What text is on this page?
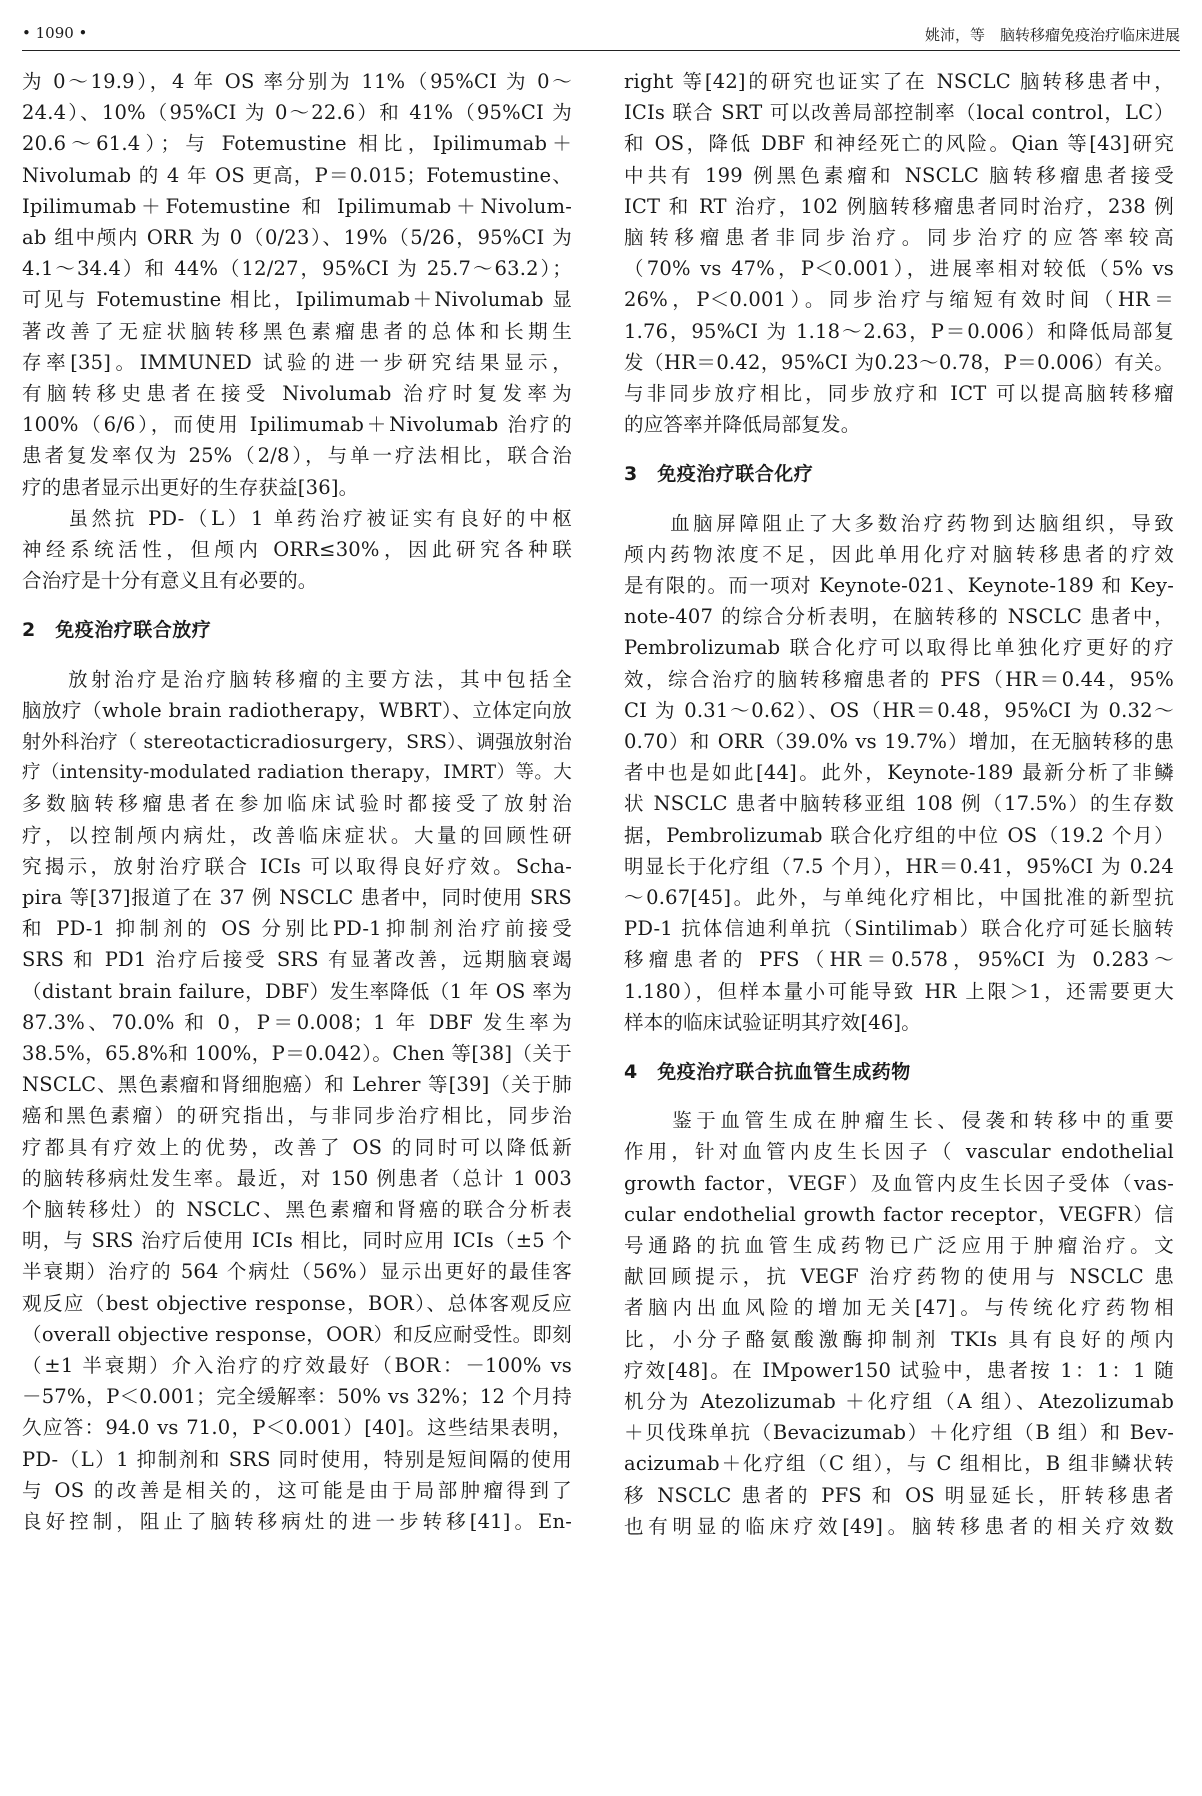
• 1090 •	姚沛，等　脑转移瘤免疫治疗临床进展
为 0～19.9），4 年 OS 率分别为 11%（95%CI 为 0～
24.4）、10%（95%CI 为 0～22.6）和 41%（95%CI 为
20.6～61.4）；与 Fotemustine 相比，Ipilimumab＋
Nivolumab 的 4 年 OS 更高，P＝0.015；Fotemustine、
Ipilimumab＋Fotemustine 和 Ipilimumab＋Nivolum-
ab 组中颅内 ORR 为 0（0/23）、19%（5/26，95%CI 为
4.1～34.4）和 44%（12/27，95%CI 为 25.7～63.2）；
可见与 Fotemustine 相比，Ipilimumab＋Nivolumab 显
著改善了无症状脑转移黑色素瘤患者的总体和长期生
存率[35]。IMMUNED 试验的进一步研究结果显示，
有脑转移史患者在接受 Nivolumab 治疗时复发率为
100%（6/6），而使用 Ipilimumab＋Nivolumab 治疗的
患者复发率仅为 25%（2/8），与单一疗法相比，联合治
疗的患者显示出更好的生存获益[36]。
　　虽然抗 PD-（L）1 单药治疗被证实有良好的中枢
神经系统活性，但颅内 ORR≤30%，因此研究各种联
合治疗是十分有意义且有必要的。
2　免疫治疗联合放疗
　　放射治疗是治疗脑转移瘤的主要方法，其中包括全
脑放疗（whole brain radiotherapy，WBRT）、立体定向放
射外科治疗（ stereotacticradiosurgery，SRS）、调强放射治
疗（intensity-modulated radiation therapy，IMRT）等。大
多数脑转移瘤患者在参加临床试验时都接受了放射治
疗，以控制颅内病灶，改善临床症状。大量的回顾性研
究揭示，放射治疗联合 ICIs 可以取得良好疗效。Scha-
pira 等[37]报道了在 37 例 NSCLC 患者中，同时使用 SRS
和 PD-1 抑制剂的 OS 分别比PD-1抑制剂治疗前接受
SRS 和 PD1 治疗后接受 SRS 有显著改善，远期脑衰竭
（distant brain failure，DBF）发生率降低（1 年 OS 率为
87.3%、70.0% 和 0，P＝0.008；1 年 DBF 发生率为
38.5%，65.8%和 100%，P＝0.042）。Chen 等[38]（关于
NSCLC、黑色素瘤和肾细胞癌）和 Lehrer 等[39]（关于肺
癌和黑色素瘤）的研究指出，与非同步治疗相比，同步治
疗都具有疗效上的优势，改善了 OS 的同时可以降低新
的脑转移病灶发生率。最近，对 150 例患者（总计 1 003
个脑转移灶）的 NSCLC、黑色素瘤和肾癌的联合分析表
明，与 SRS 治疗后使用 ICIs 相比，同时应用 ICIs（±5 个
半衰期）治疗的 564 个病灶（56%）显示出更好的最佳客
观反应（best objective response，BOR）、总体客观反应
（overall objective response，OOR）和反应耐受性。即刻
（±1 半衰期）介入治疗的疗效最好（BOR：－100% vs
－57%，P＜0.001；完全缓解率：50% vs 32%；12 个月持
久应答：94.0 vs 71.0，P＜0.001）[40]。这些结果表明，
PD-（L）1 抑制剂和 SRS 同时使用，特别是短间隔的使用
与 OS 的改善是相关的，这可能是由于局部肿瘤得到了
良好控制，阻止了脑转移病灶的进一步转移[41]。En-
right 等[42]的研究也证实了在 NSCLC 脑转移患者中，
ICIs 联合 SRT 可以改善局部控制率（local control，LC）
和 OS，降低 DBF 和神经死亡的风险。Qian 等[43]研究
中共有 199 例黑色素瘤和 NSCLC 脑转移瘤患者接受
ICT 和 RT 治疗，102 例脑转移瘤患者同时治疗，238 例
脑转移瘤患者非同步治疗。同步治疗的应答率较高
（70% vs 47%，P＜0.001），进展率相对较低（5% vs
26%，P＜0.001）。同步治疗与缩短有效时间（HR＝
1.76，95%CI 为 1.18～2.63，P＝0.006）和降低局部复
发（HR＝0.42，95%CI 为0.23～0.78，P＝0.006）有关。
与非同步放疗相比，同步放疗和 ICT 可以提高脑转移瘤
的应答率并降低局部复发。
3　免疫治疗联合化疗
　　血脑屏障阻止了大多数治疗药物到达脑组织，导致
颅内药物浓度不足，因此单用化疗对脑转移患者的疗效
是有限的。而一项对 Keynote-021、Keynote-189 和 Key-
note-407 的综合分析表明，在脑转移的 NSCLC 患者中，
Pembrolizumab 联合化疗可以取得比单独化疗更好的疗
效，综合治疗的脑转移瘤患者的 PFS（HR＝0.44，95%
CI 为 0.31～0.62）、OS（HR＝0.48，95%CI 为 0.32～
0.70）和 ORR（39.0% vs 19.7%）增加，在无脑转移的患
者中也是如此[44]。此外，Keynote-189 最新分析了非鳞
状 NSCLC 患者中脑转移亚组 108 例（17.5%）的生存数
据，Pembrolizumab 联合化疗组的中位 OS（19.2 个月）
明显长于化疗组（7.5 个月），HR＝0.41，95%CI 为 0.24
～0.67[45]。此外，与单纯化疗相比，中国批准的新型抗
PD-1 抗体信迪利单抗（Sintilimab）联合化疗可延长脑转
移瘤患者的 PFS（HR＝0.578，95%CI 为 0.283～
1.180），但样本量小可能导致 HR 上限＞1，还需要更大
样本的临床试验证明其疗效[46]。
4　免疫治疗联合抗血管生成药物
　　鉴于血管生成在肿瘤生长、侵袭和转移中的重要
作用，针对血管内皮生长因子（ vascular endothelial
growth factor，VEGF）及血管内皮生长因子受体（vas-
cular endothelial growth factor receptor，VEGFR）信
号通路的抗血管生成药物已广泛应用于肿瘤治疗。文
献回顾提示，抗 VEGF 治疗药物的使用与 NSCLC 患
者脑内出血风险的增加无关[47]。与传统化疗药物相
比，小分子酪氨酸激酶抑制剂 TKIs 具有良好的颅内
疗效[48]。在 IMpower150 试验中，患者按 1：1：1 随
机分为 Atezolizumab ＋化疗组（A 组）、Atezolizumab
＋贝伐珠单抗（Bevacizumab）＋化疗组（B 组）和 Bev-
acizumab＋化疗组（C 组），与 C 组相比，B 组非鳞状转
移 NSCLC 患者的 PFS 和 OS 明显延长，肝转移患者
也有明显的临床疗效[49]。脑转移患者的相关疗效数
